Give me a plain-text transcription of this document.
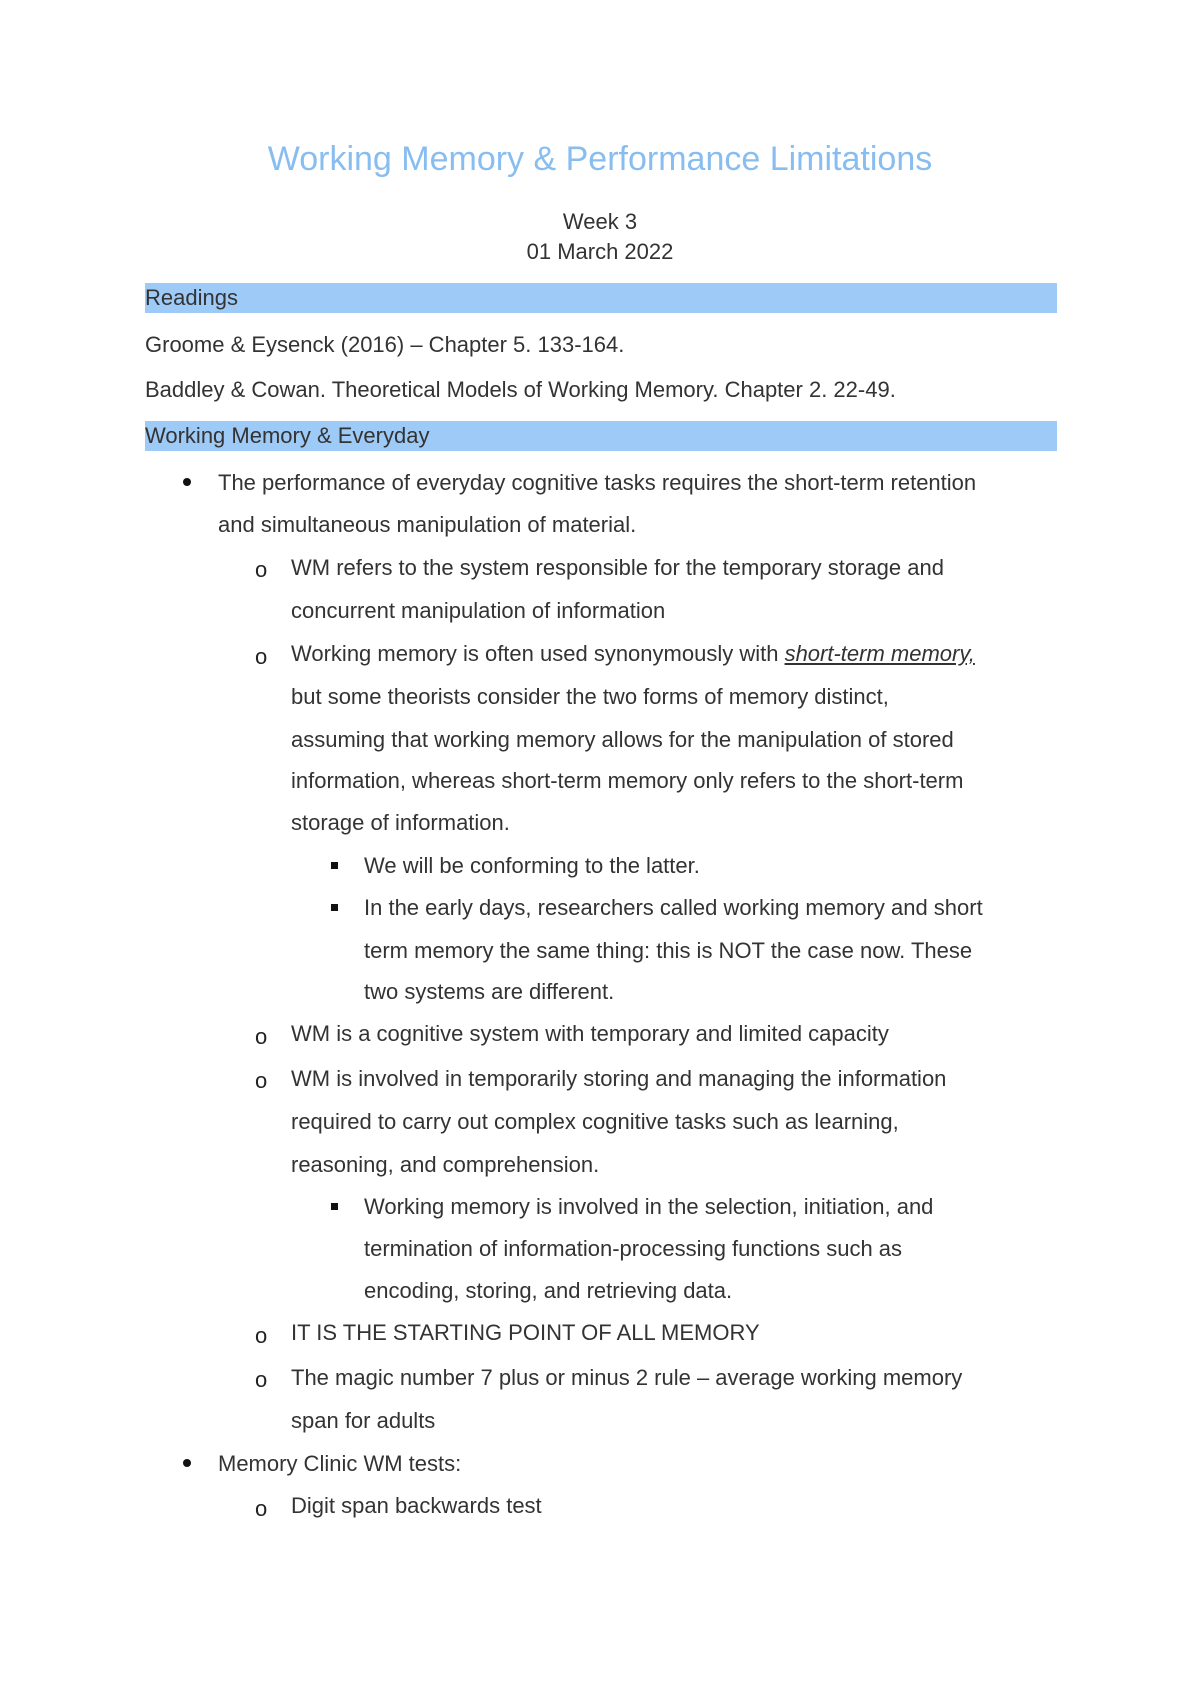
Working Memory & Performance Limitations
Week 3
01 March 2022
Readings
Groome & Eysenck (2016) – Chapter 5. 133-164.
Baddley & Cowan. Theoretical Models of Working Memory. Chapter 2. 22-49.
Working Memory & Everyday
The performance of everyday cognitive tasks requires the short-term retention
and simultaneous manipulation of material.
o WM refers to the system responsible for the temporary storage and
concurrent manipulation of information
o Working memory is often used synonymously with short-term memory,
but some theorists consider the two forms of memory distinct,
assuming that working memory allows for the manipulation of stored
information, whereas short-term memory only refers to the short-term
storage of information.
We will be conforming to the latter.
In the early days, researchers called working memory and short
term memory the same thing: this is NOT the case now. These
two systems are different.
o WM is a cognitive system with temporary and limited capacity
o WM is involved in temporarily storing and managing the information
required to carry out complex cognitive tasks such as learning,
reasoning, and comprehension.
Working memory is involved in the selection, initiation, and
termination of information-processing functions such as
encoding, storing, and retrieving data.
o IT IS THE STARTING POINT OF ALL MEMORY
o The magic number 7 plus or minus 2 rule – average working memory
span for adults
Memory Clinic WM tests:
o Digit span backwards test
